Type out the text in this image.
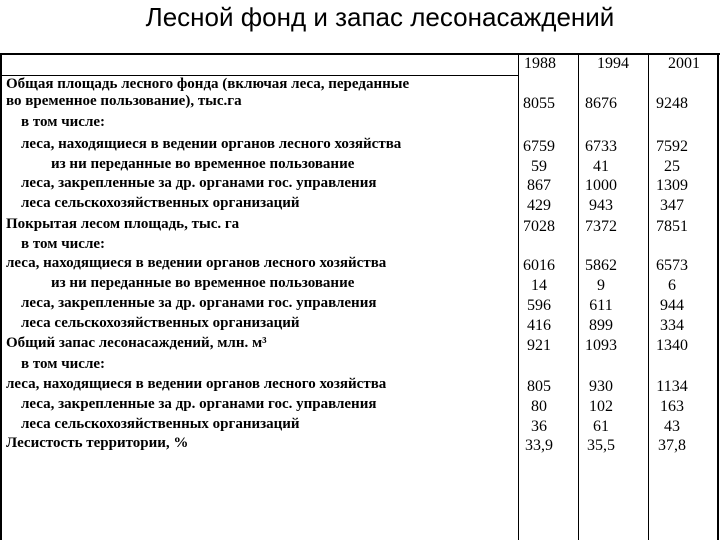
Лесной фонд и запас лесонасаждений
1988	1994	2001
Общая площадь лесного фонда (включая леса, переданные
во временное пользование), тыс.га	8055	8676	9248
в том числе:
леса, находящиеся в ведении органов лесного хозяйства	6759	6733	7592
из ни переданные во временное пользование	59	41	25
леса, закрепленные за др. органами гос. управления	867	1000	1309
леса сельскохозяйственных организаций	429	943	347
Покрытая лесом площадь, тыс. га	7028	7372	7851
в том числе:
леса, находящиеся в ведении органов лесного хозяйства	6016	5862	6573
из ни переданные во временное пользование	14	9	6
леса, закрепленные за др. органами гос. управления	596	611	944
леса сельскохозяйственных организаций	416	899	334
Общий запас лесонасаждений, млн. м³	921	1093	1340
в том числе:
леса, находящиеся в ведении органов лесного хозяйства	805	930	1134
леса, закрепленные за др. органами гос. управления	80	102	163
леса сельскохозяйственных организаций	36	61	43
Лесистость территории, %	33,9	35,5	37,8
